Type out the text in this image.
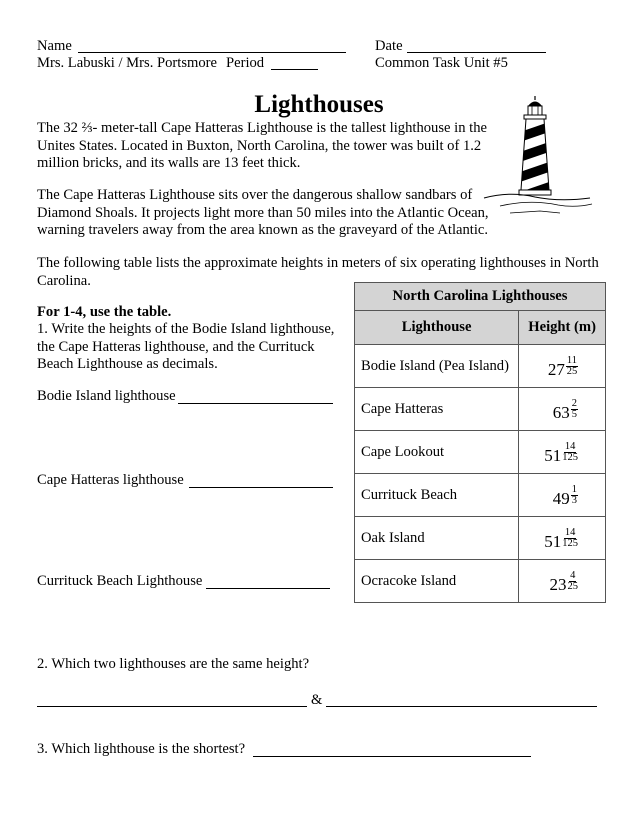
Name	Date
Mrs. Labuski / Mrs. Portsmore Period	Common Task Unit #5
Lighthouses
The 32 ⅔- meter-tall Cape Hatteras Lighthouse is the tallest lighthouse in the
Unites States. Located in Buxton, North Carolina, the tower was built of 1.2
million bricks, and its walls are 13 feet thick.
The Cape Hatteras Lighthouse sits over the dangerous shallow sandbars of
Diamond Shoals. It projects light more than 50 miles into the Atlantic Ocean,
warning travelers away from the area known as the graveyard of the Atlantic.
The following table lists the approximate heights in meters of six operating lighthouses in North
Carolina.
For 1-4, use the table.
1. Write the heights of the Bodie Island lighthouse,
the Cape Hatteras lighthouse, and the Currituck
Beach Lighthouse as decimals.
Bodie Island lighthouse
Cape Hatteras lighthouse
Currituck Beach Lighthouse
North Carolina Lighthouses	
Lighthouse	Height (m)
Bodie Island (Pea Island)	$27 \frac{11}{25}$

Cape Hatteras	$63 \frac{2}{5}$

Cape Lookout	$51 \frac{14}{125}$

Currituck Beach	$49 \frac{1}{3}$

Oak Island	$51 \frac{14}{125}$

Ocracoke Island	$23 \frac{4}{25}$
2. Which two lighthouses are the same height?
&
3. Which lighthouse is the shortest?
